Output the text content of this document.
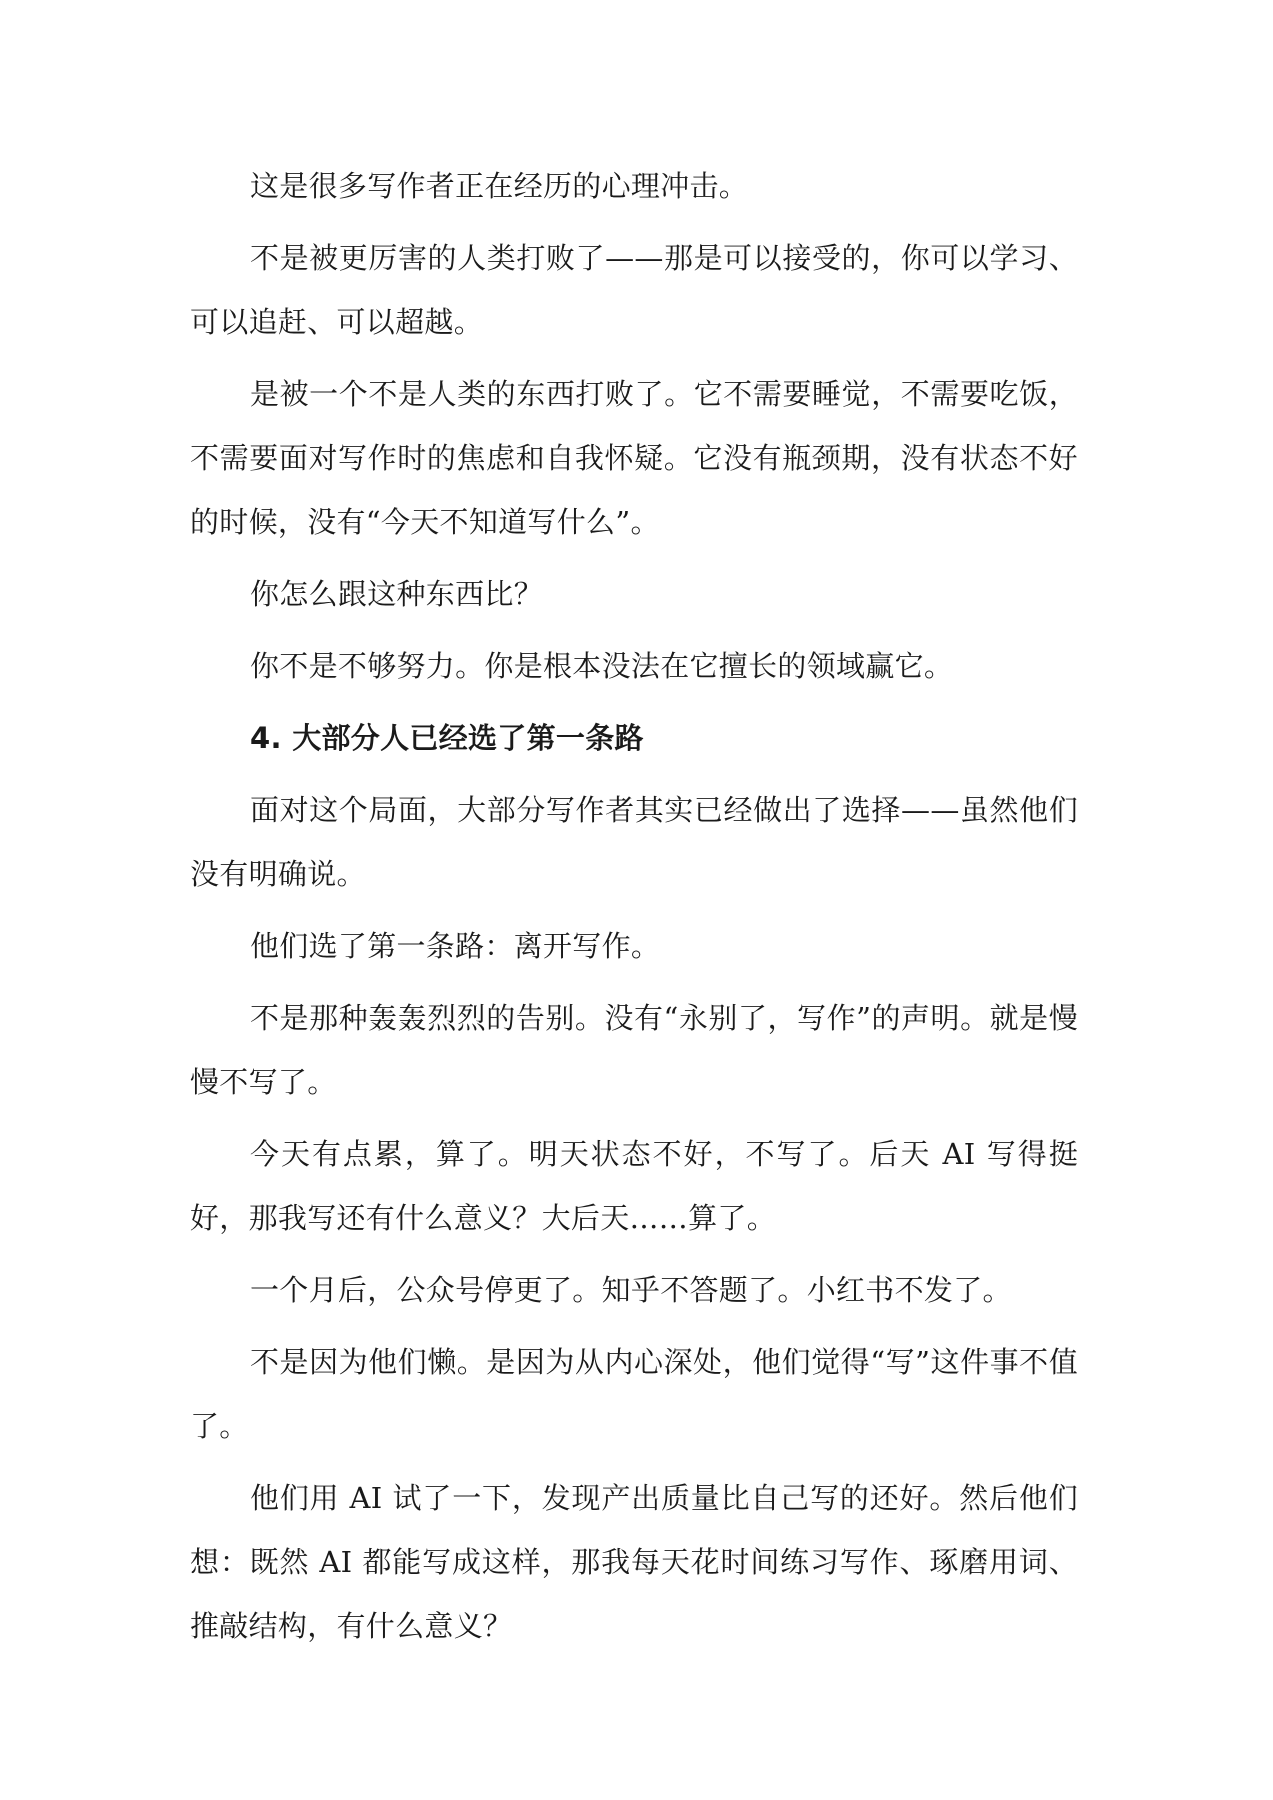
这是很多写作者正在经历的心理冲击。

不是被更厉害的人类打败了——那是可以接受的，你可以学习、可以追赶、可以超越。

是被一个不是人类的东西打败了。它不需要睡觉，不需要吃饭，不需要面对写作时的焦虑和自我怀疑。它没有瓶颈期，没有状态不好的时候，没有“今天不知道写什么”。

你怎么跟这种东西比？

你不是不够努力。你是根本没法在它擅长的领域赢它。

4. 大部分人已经选了第一条路

面对这个局面，大部分写作者其实已经做出了选择——虽然他们没有明确说。

他们选了第一条路：离开写作。

不是那种轰轰烈烈的告别。没有“永别了，写作”的声明。就是慢慢不写了。

今天有点累，算了。明天状态不好，不写了。后天 AI 写得挺好，那我写还有什么意义？大后天……算了。

一个月后，公众号停更了。知乎不答题了。小红书不发了。

不是因为他们懒。是因为从内心深处，他们觉得“写”这件事不值了。

他们用 AI 试了一下，发现产出质量比自己写的还好。然后他们想：既然 AI 都能写成这样，那我每天花时间练习写作、琢磨用词、推敲结构，有什么意义？
